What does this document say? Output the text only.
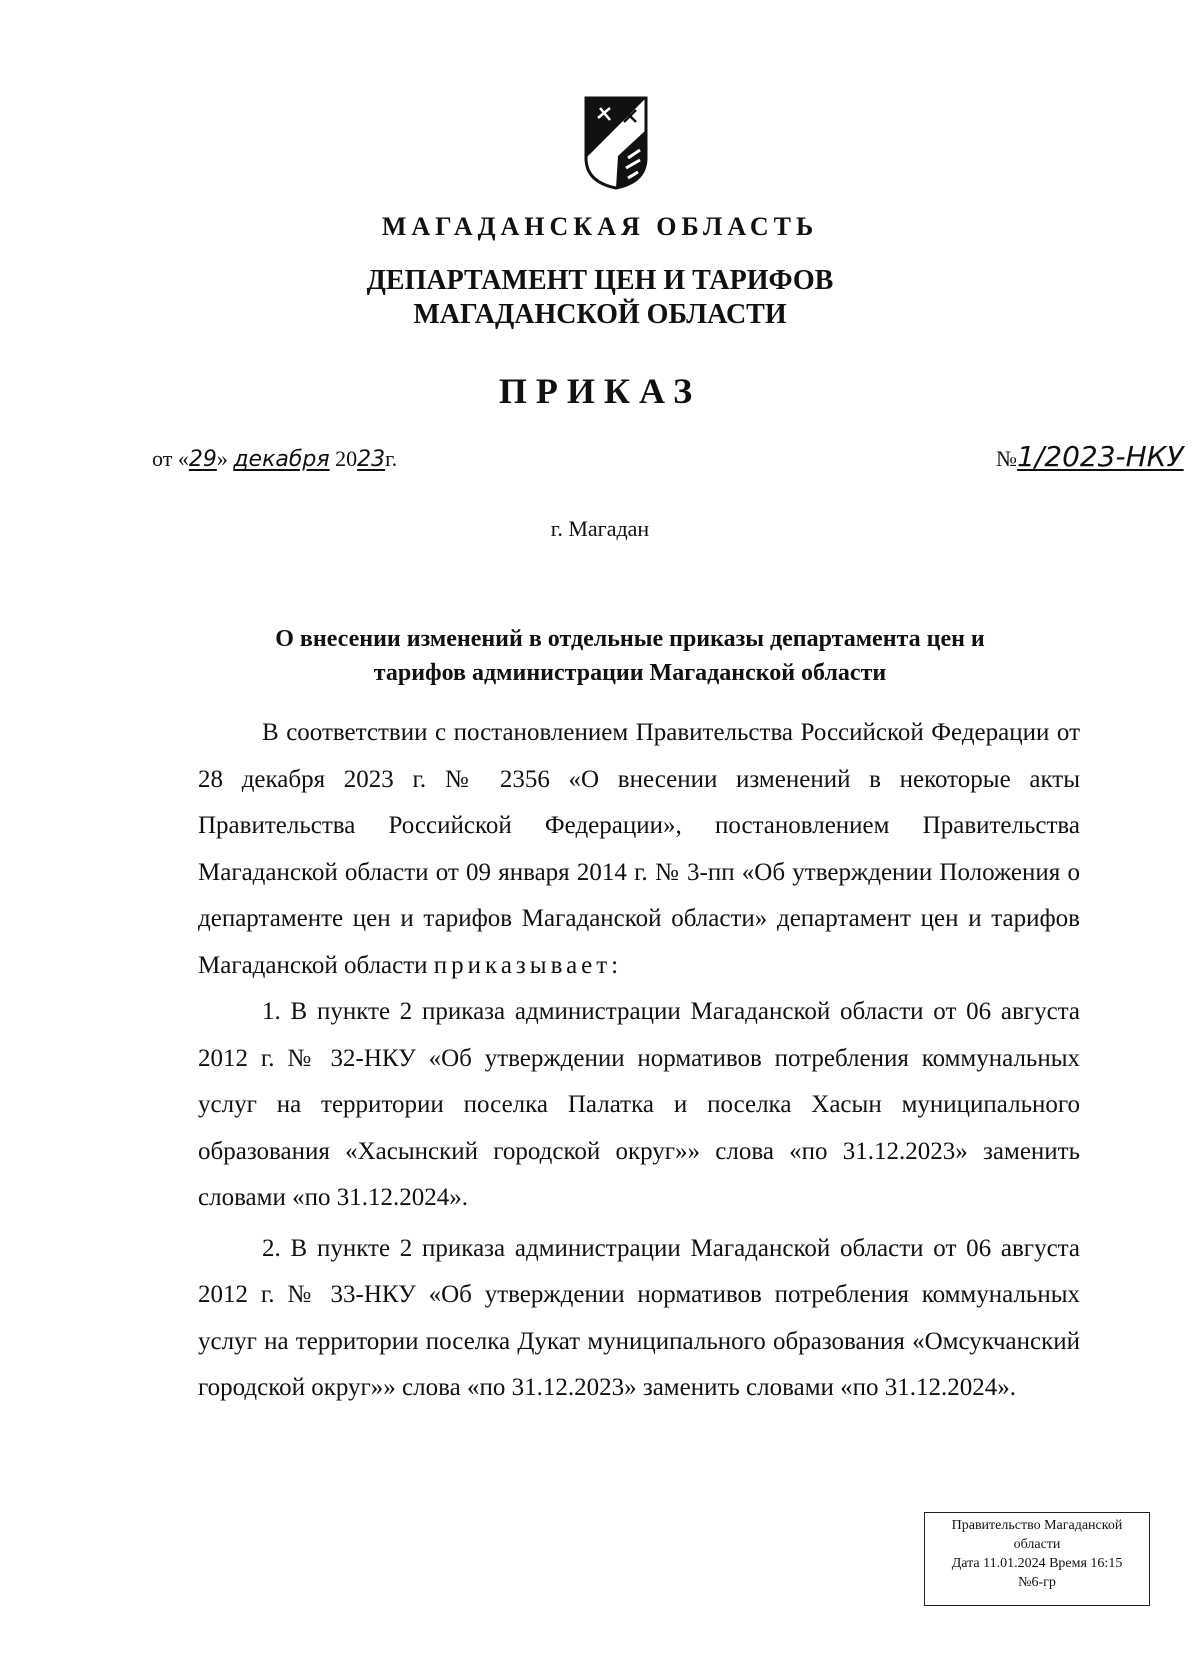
МАГАДАНСКАЯ ОБЛАСТЬ
ДЕПАРТАМЕНТ ЦЕН И ТАРИФОВ
МАГАДАНСКОЙ ОБЛАСТИ
ПРИКАЗ
от «29» декабря 2023г.	№1/2023-НКУ
г. Магадан
О внесении изменений в отдельные приказы департамента цен и
тарифов администрации Магаданской области

В соответствии с постановлением Правительства Российской Федерации от 28 декабря 2023 г. № 2356 «О внесении изменений в некоторые акты Правительства Российской Федерации», постановлением Правительства Магаданской области от 09 января 2014 г. № 3-пп «Об утверждении Положения о департаменте цен и тарифов Магаданской области» департамент цен и тарифов Магаданской области приказывает:

1. В пункте 2 приказа администрации Магаданской области от 06 августа 2012 г. № 32-НКУ «Об утверждении нормативов потребления коммунальных услуг на территории поселка Палатка и поселка Хасын муниципального образования «Хасынский городской округ»» слова «по 31.12.2023» заменить словами «по 31.12.2024».

2. В пункте 2 приказа администрации Магаданской области от 06 августа 2012 г. № 33-НКУ «Об утверждении нормативов потребления коммунальных услуг на территории поселка Дукат муниципального образования «Омсукчанский городской округ»» слова «по 31.12.2023» заменить словами «по 31.12.2024».

Правительство Магаданской
области
Дата 11.01.2024 Время 16:15
№6-гр
